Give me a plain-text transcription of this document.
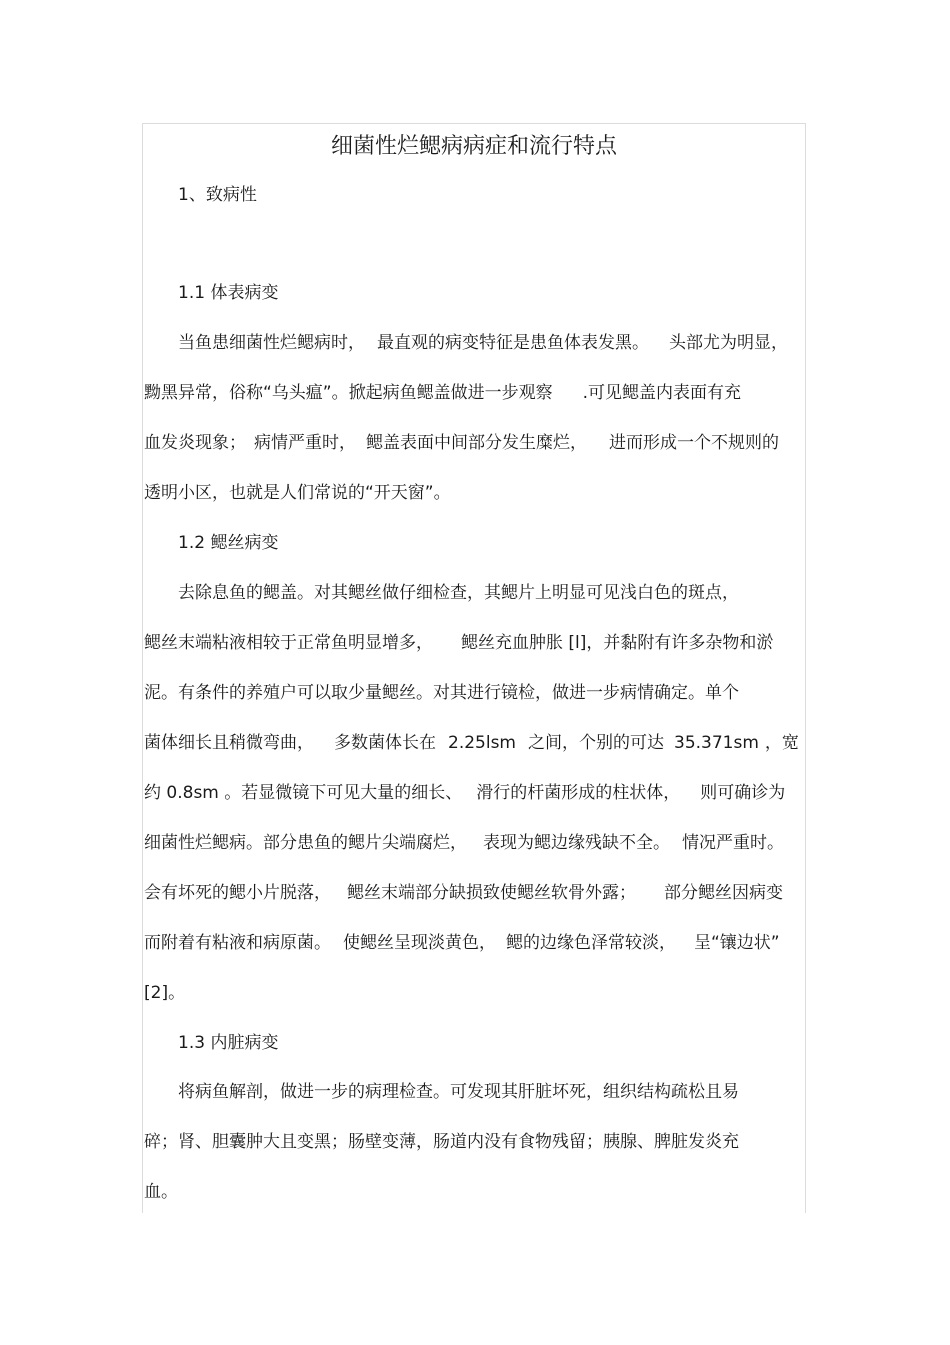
细菌性烂鳃病病症和流行特点
1、致病性
1.1 体表病变
当鱼患细菌性烂鳃病时， 最直观的病变特征是患鱼体表发黑。 头部尤为明显，
黝黑异常，俗称“乌头瘟”。掀起病鱼鳃盖做进一步观察 .可见鳃盖内表面有充
血发炎现象； 病情严重时， 鳃盖表面中间部分发生糜烂， 进而形成一个不规则的
透明小区，也就是人们常说的“开天窗”。
1.2 鳃丝病变
去除息鱼的鳃盖。对其鳃丝做仔细检查，其鳃片上明显可见浅白色的斑点，
鳃丝末端粘液相较于正常鱼明显增多， 鳃丝充血肿胀 [l]，并黏附有许多杂物和淤
泥。有条件的养殖户可以取少量鳃丝。对其进行镜检，做进一步病情确定。单个
菌体细长且稍微弯曲， 多数菌体长在 2.25lsm 之间，个别的可达 35.371sm ，宽
约 0.8sm 。若显微镜下可见大量的细长、 滑行的杆菌形成的柱状体， 则可确诊为
细菌性烂鳃病。部分患鱼的鳃片尖端腐烂， 表现为鳃边缘残缺不全。 情况严重时。
会有坏死的鳃小片脱落， 鳃丝末端部分缺损致使鳃丝软骨外露； 部分鳃丝因病变
而附着有粘液和病原菌。 使鳃丝呈现淡黄色， 鳃的边缘色泽常较淡， 呈“镶边状”
[2]。
1.3 内脏病变
将病鱼解剖，做进一步的病理检查。可发现其肝脏坏死，组织结构疏松且易
碎；肾、胆囊肿大且变黑；肠壁变薄，肠道内没有食物残留；胰腺、脾脏发炎充
血。
